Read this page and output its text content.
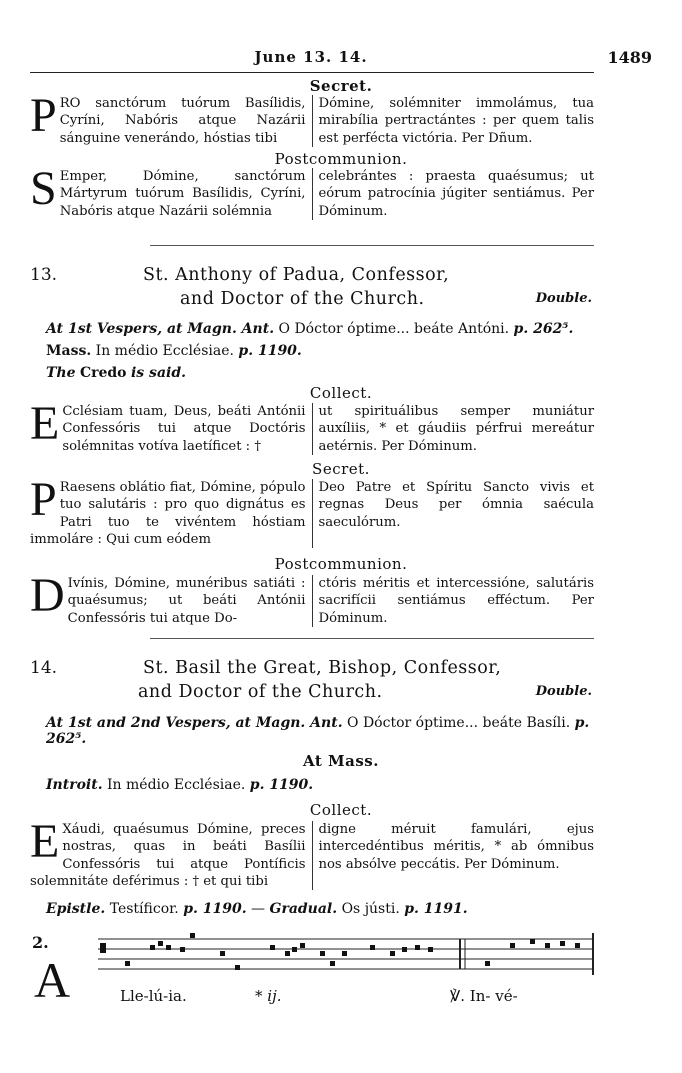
June 13. 14.	1489
Secret.
PRO sanctórum tuórum Basílidis, Cyríni, Nabóris atque Nazárii sánguine venerándo, hóstias tibi
Dómine, solémniter immolámus, tua mirabília pertractántes : per quem talis est perfécta victória. Per Dñum.
Postcommunion.
S Emper, Dómine, sanctórum Mártyrum tuórum Basílidis, Cyríni, Nabóris atque Nazárii solémnia
celebrántes : praesta quaésumus; ut eórum patrocínia júgiter sentiámus. Per Dóminum.
13.	St. Anthony of Padua, Confessor,
and Doctor of the Church.	Double.
At 1st Vespers, at Magn. Ant. O Dóctor óptime... beáte Antóni. p. 262⁵.
Mass. In médio Ecclésiae. p. 1190.
The Credo is said.
Collect.
E Cclésiam tuam, Deus, beáti Antónii Confessóris tui atque Doctóris solémnitas votíva laetíficet : †
ut spirituálibus semper muniátur auxíliis, * et gáudiis pérfrui mereátur aetérnis. Per Dóminum.
Secret.
P Raesens oblátio fiat, Dómine, pópulo tuo salutáris : pro quo dignátus es Patri tuo te vivéntem hóstiam immoláre : Qui cum eódem
Deo Patre et Spíritu Sancto vivis et regnas Deus per ómnia saécula saeculórum.
Postcommunion.
D Ivínis, Dómine, munéribus satiáti : quaésumus; ut beáti Antónii Confessóris tui atque Do-
ctóris méritis et intercessióne, salutáris sacrifícii sentiámus efféctum. Per Dóminum.
14.	St. Basil the Great, Bishop, Confessor,
and Doctor of the Church.	Double.
At 1st and 2nd Vespers, at Magn. Ant. O Dóctor óptime... beáte Basíli. p. 262⁵.
At Mass.
Introit. In médio Ecclésiae. p. 1190.
Collect.
E Xáudi, quaésumus Dómine, preces nostras, quas in beáti Basílii Confessóris tui atque Pontíficis solemnitáte deférimus : † et qui tibi
digne méruit famulári, ejus intercedéntibus méritis, * ab ómnibus nos absólve peccátis. Per Dóminum.
Epistle. Testíficor. p. 1190. — Gradual. Os jústi. p. 1191.
2.
A	Lle-lú-ia.	* ij.	℣. In- vé-
